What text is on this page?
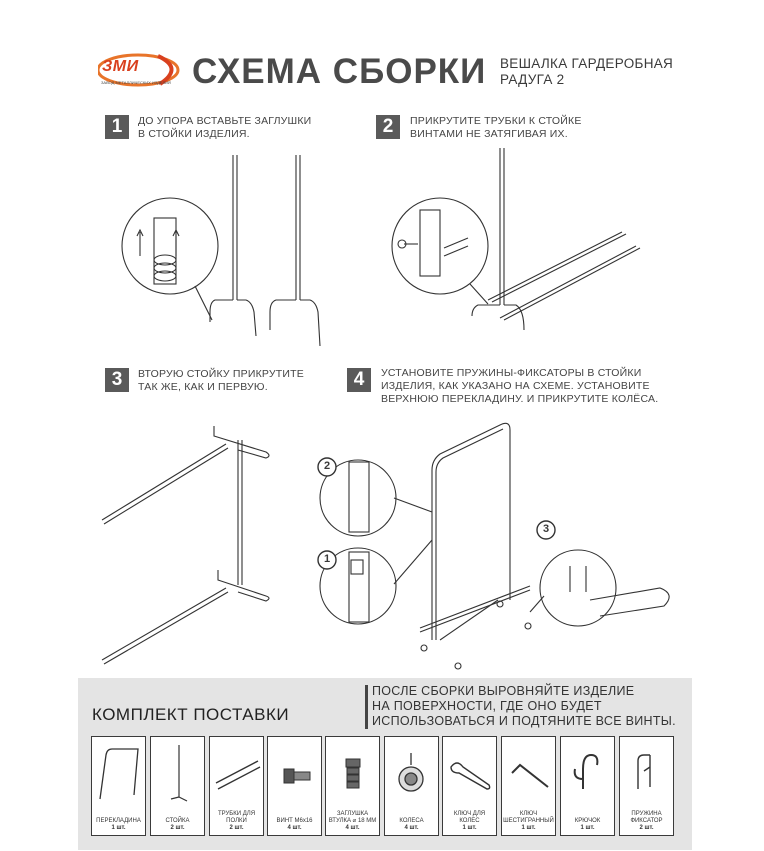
ЗМИ
ЗАВОД МЕТАЛЛИЧЕСКИХ ИЗДЕЛИЙ СХЕМА СБОРКИ ВЕШАЛКА ГАРДЕРОБНАЯ
РАДУГА 2
1	ДО УПОРА ВСТАВЬТЕ ЗАГЛУШКИ
В СТОЙКИ ИЗДЕЛИЯ.	2	ПРИКРУТИТЕ ТРУБКИ К СТОЙКЕ
ВИНТАМИ НЕ ЗАТЯГИВАЯ ИХ.
3	ВТОРУЮ СТОЙКУ ПРИКРУТИТЕ
ТАК ЖЕ, КАК И ПЕРВУЮ.	4	УСТАНОВИТЕ ПРУЖИНЫ-ФИКСАТОРЫ В СТОЙКИ
ИЗДЕЛИЯ, КАК УКАЗАНО НА СХЕМЕ. УСТАНОВИТЕ
ВЕРХНЮЮ ПЕРЕКЛАДИНУ. И ПРИКРУТИТЕ КОЛЁСА.
2
1
3
КОМПЛЕКТ ПОСТАВКИ
ПОСЛЕ СБОРКИ ВЫРОВНЯЙТЕ ИЗДЕЛИЕ
НА ПОВЕРХНОСТИ, ГДЕ ОНО БУДЕТ
ИСПОЛЬЗОВАТЬСЯ И ПОДТЯНИТЕ ВСЕ ВИНТЫ.
ПЕРЕКЛАДИНА
1 шт.
СТОЙКА
2 шт.
ТРУБКИ ДЛЯ ПОЛКИ
2 шт.
ВИНТ М6х16
4 шт.
ЗАГЛУШКА ВТУЛКА ⌀ 18 ММ
4 шт.
КОЛЕСА
4 шт.
КЛЮЧ ДЛЯ КОЛЕС
1 шт.
КЛЮЧ ШЕСТИГРАННЫЙ
1 шт.
КРЮЧОК
1 шт.
ПРУЖИНА ФИКСАТОР
2 шт.
